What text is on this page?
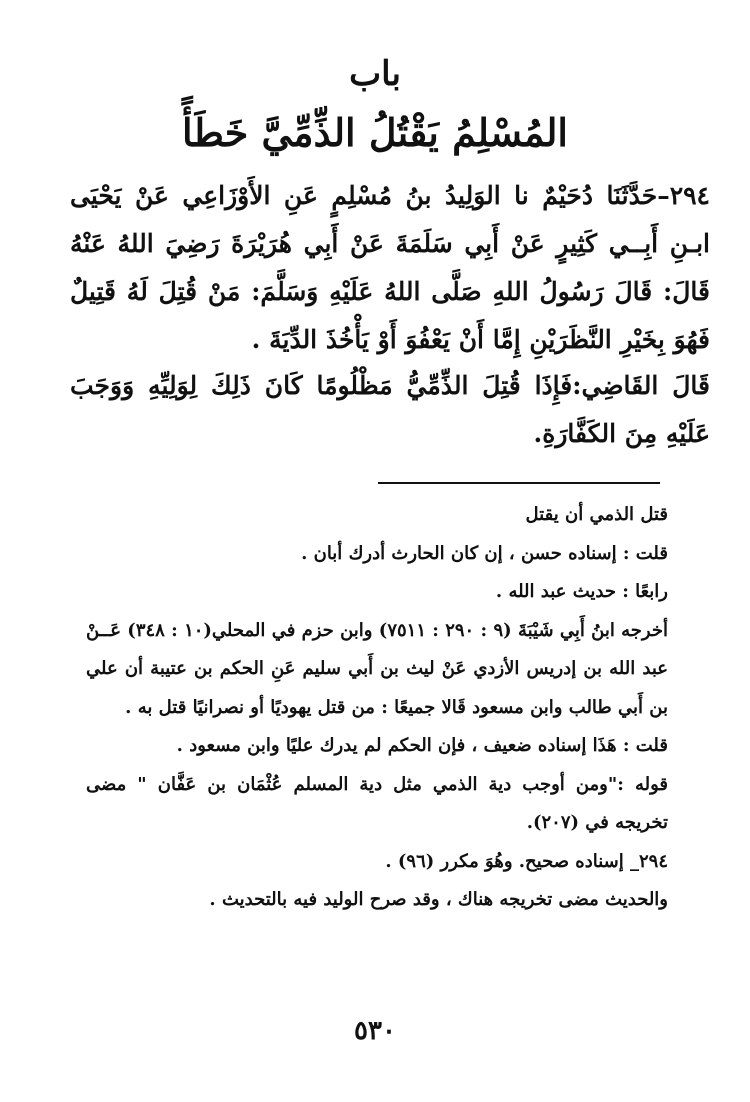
باب
المُسْلِمُ يَقْتُلُ الذِّمِّيَّ خَطَأً
٢٩٤–حَدَّثَنَا دُحَيْمٌ نا الوَلِيدُ بنُ مُسْلِمٍ عَنِ الأَوْزَاعِي عَنْ يَحْيَى ابـنِ أَبِــي كَثِيرٍ عَنْ أَبِي سَلَمَةَ عَنْ أَبِي هُرَيْرَةَ رَضِيَ اللهُ عَنْهُ قَالَ: قَالَ رَسُولُ اللهِ صَلَّى اللهُ عَلَيْهِ وَسَلَّمَ: مَنْ قُتِلَ لَهُ قَتِيلٌ فَهُوَ بِخَيْرِ النَّظَرَيْنِ إِمَّا أَنْ يَعْفُوَ أَوْ يَأْخُذَ الدِّيَةَ .
قَالَ القَاضِي:فَإِذَا قُتِلَ الذِّمِّيُّ مَظْلُومًا كَانَ ذَلِكَ لِوَلِيِّهِ وَوَجَبَ عَلَيْهِ مِنَ الكَفَّارَةِ.

قتل الذمي أن يقتل

قلت : إسناده حسن ، إن كان الحارث أدرك أبان .

رابعًا : حديث عبد الله .

أخرجه ابنُ أَبِي شَيْبَةَ (٩ : ٢٩٠ : ٧٥١١) وابن حزم في المحلي(١٠ : ٣٤٨) عَــنْ عبد الله بن إدريس الأزدي عَنْ ليث بن أَبي سليم عَنِ الحكم بن عتيبة أن علي بن أَبي طالب وابن مسعود قَالا جميعًا : من قتل يهوديًا أو نصرانيًا قتل به .

قلت : هَذَا إسناده ضعيف ، فإن الحكم لم يدرك عليًا وابن مسعود .

قوله :"ومن أوجب دية الذمي مثل دية المسلم عُثْمَان بن عَفَّان " مضى تخريجه في (٢٠٧).

٢٩٤_ إسناده صحيح. وهُوَ مكرر (٩٦) .

والحديث مضى تخريجه هناك ، وقد صرح الوليد فيه بالتحديث .

٥٣٠
